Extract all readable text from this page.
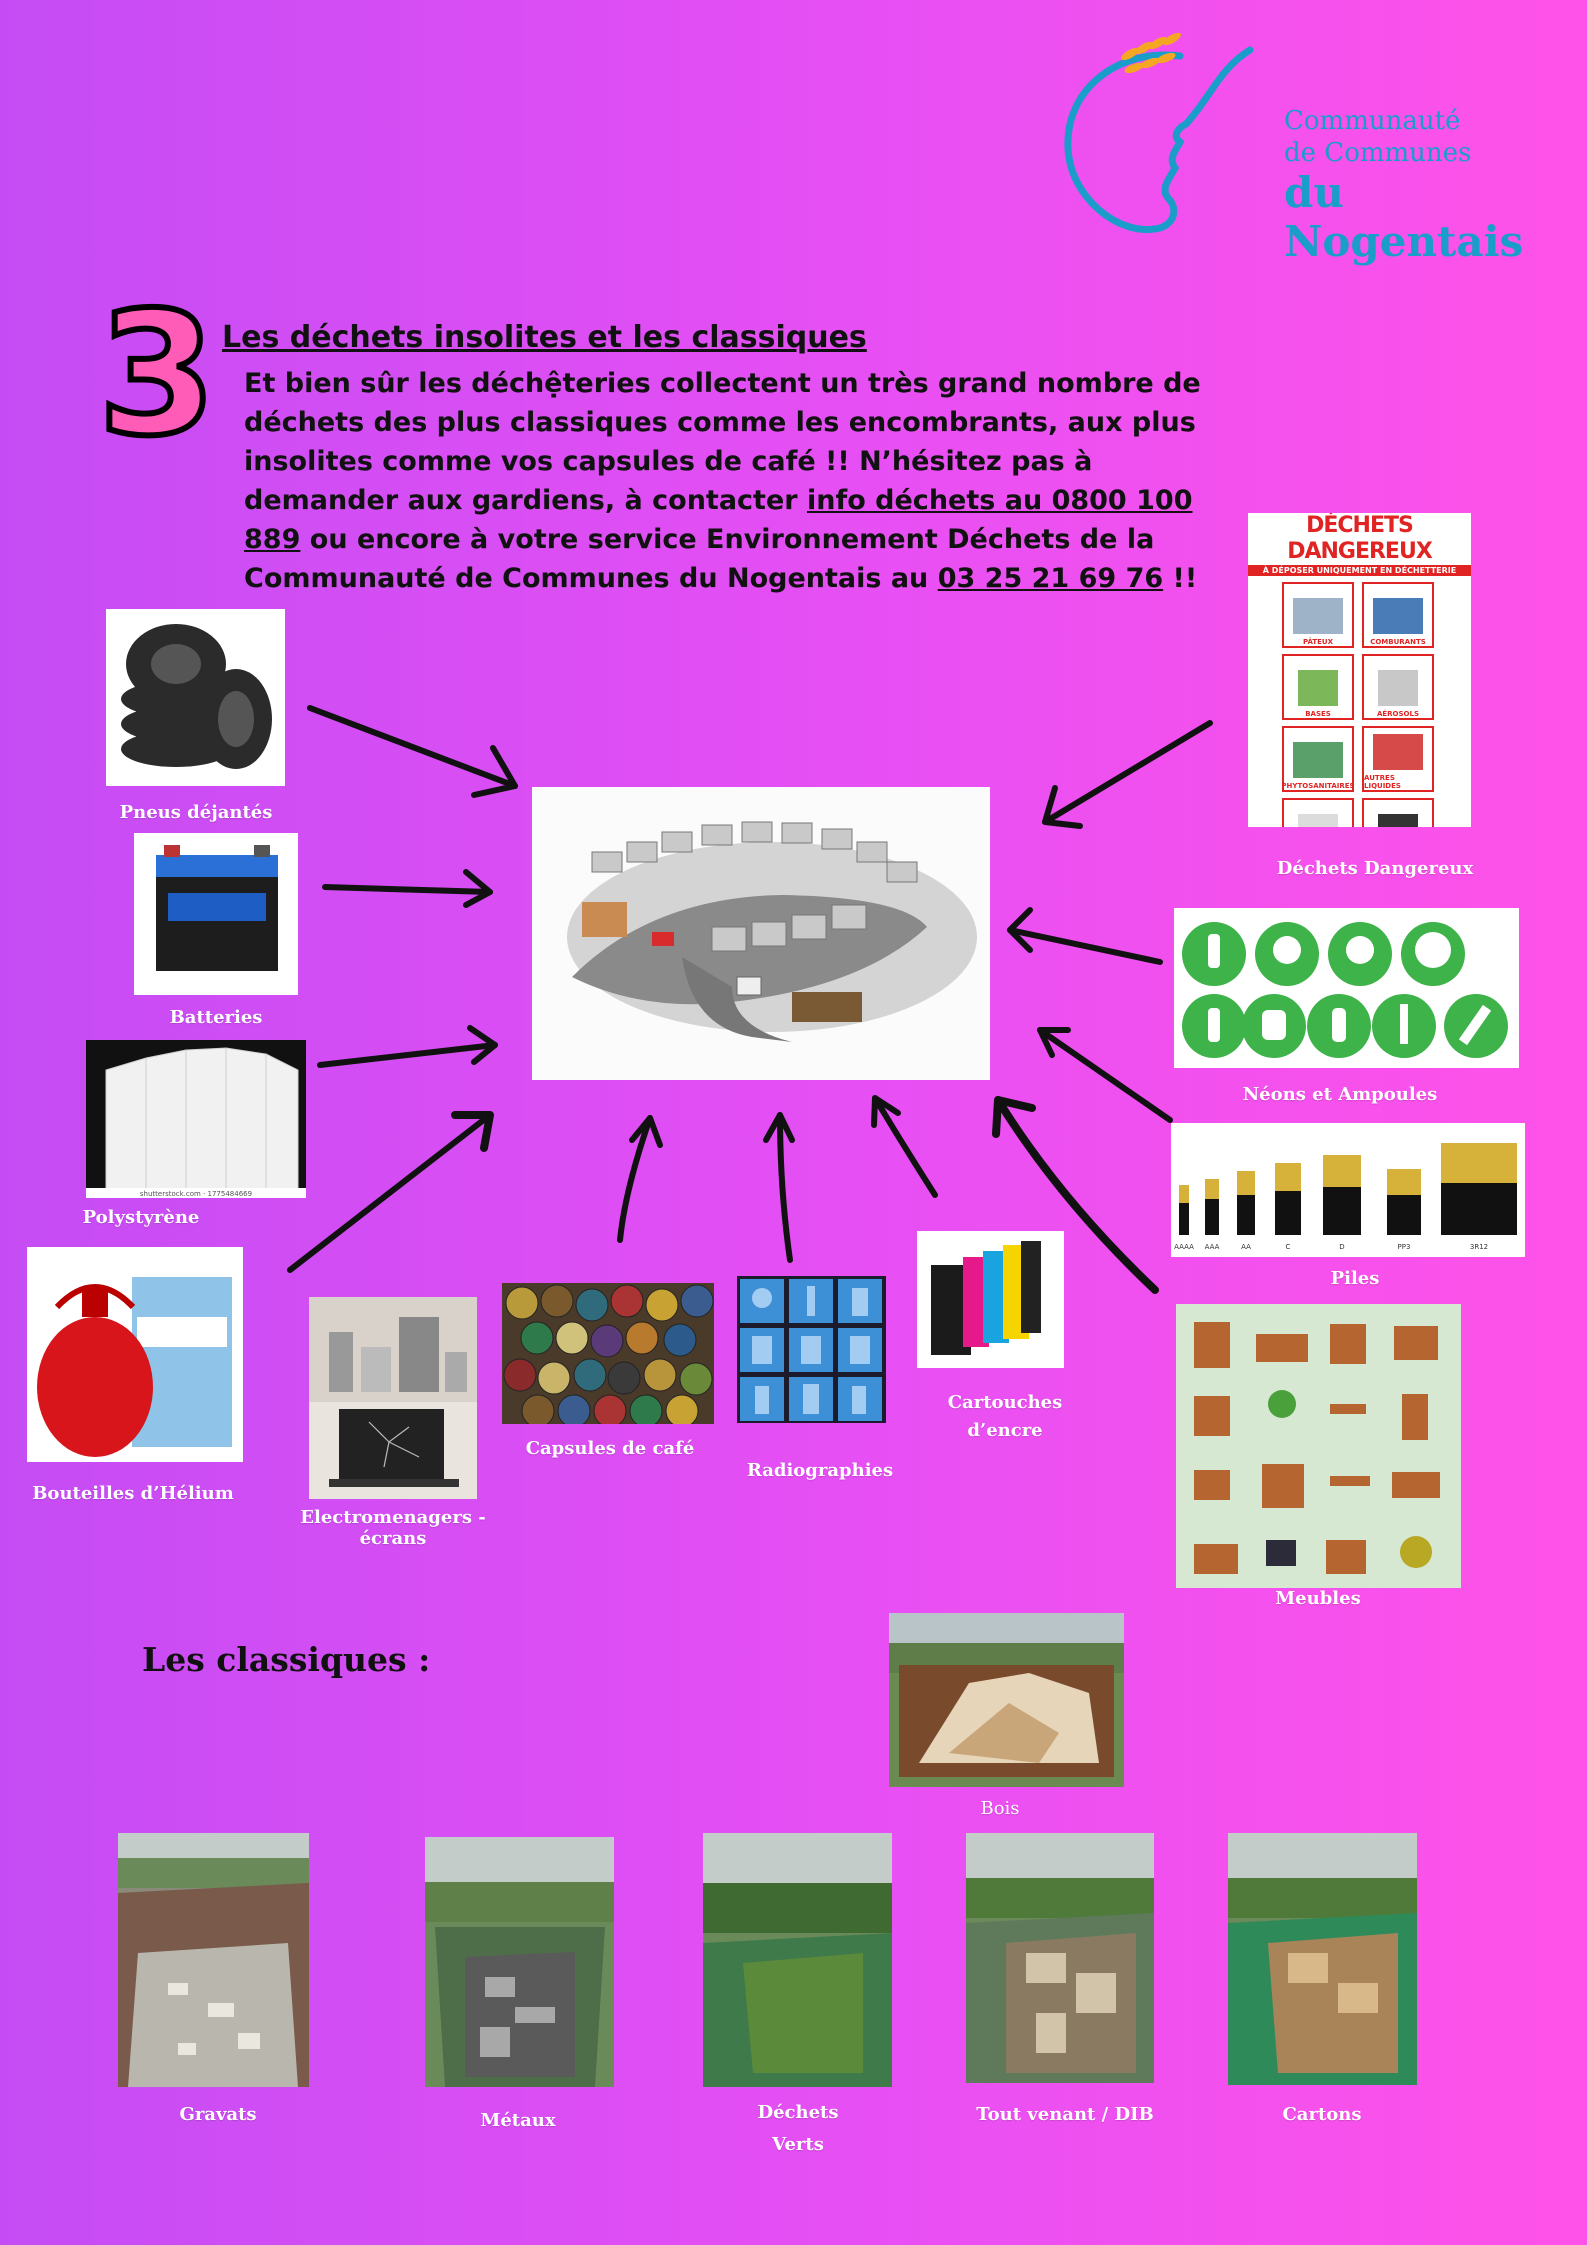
Communauté
de Communes
du Nogentais
3 Les déchets insolites et les classiques
Et bien sûr les déchệteries collectent un très grand nombre de déchets des plus classiques comme les encombrants, aux plus insolites comme vos capsules de café !! N’hésitez pas à demander aux gardiens, à contacter info déchets au 0800 100 889 ou encore à votre service Environnement Déchets de la Communauté de Communes du Nogentais au 03 25 21 69 76 !!
Pneus déjantés
Batteries
shutterstock.com · 1775484669
Polystyrène
Bouteilles d’Hélium
Electromenagers - écrans
Capsules de café
Radiographies
Cartouches
d’encre
DÉCHETS DANGEREUX
À DÉPOSER UNIQUEMENT EN DÉCHETTERIE
PÂTEUX	COMBURANTS
BASES	AÉROSOLS
PHYTOSANITAIRES
AUTRES LIQUIDES
Déchets Dangereux
Néons et Ampoules
AAAA AAA	AA	C	D	PP3	3R12
Piles
Meubles
Les classiques :
Bois
Gravats	Métaux	Déchets
Verts
Tout venant / DIB	Cartons
